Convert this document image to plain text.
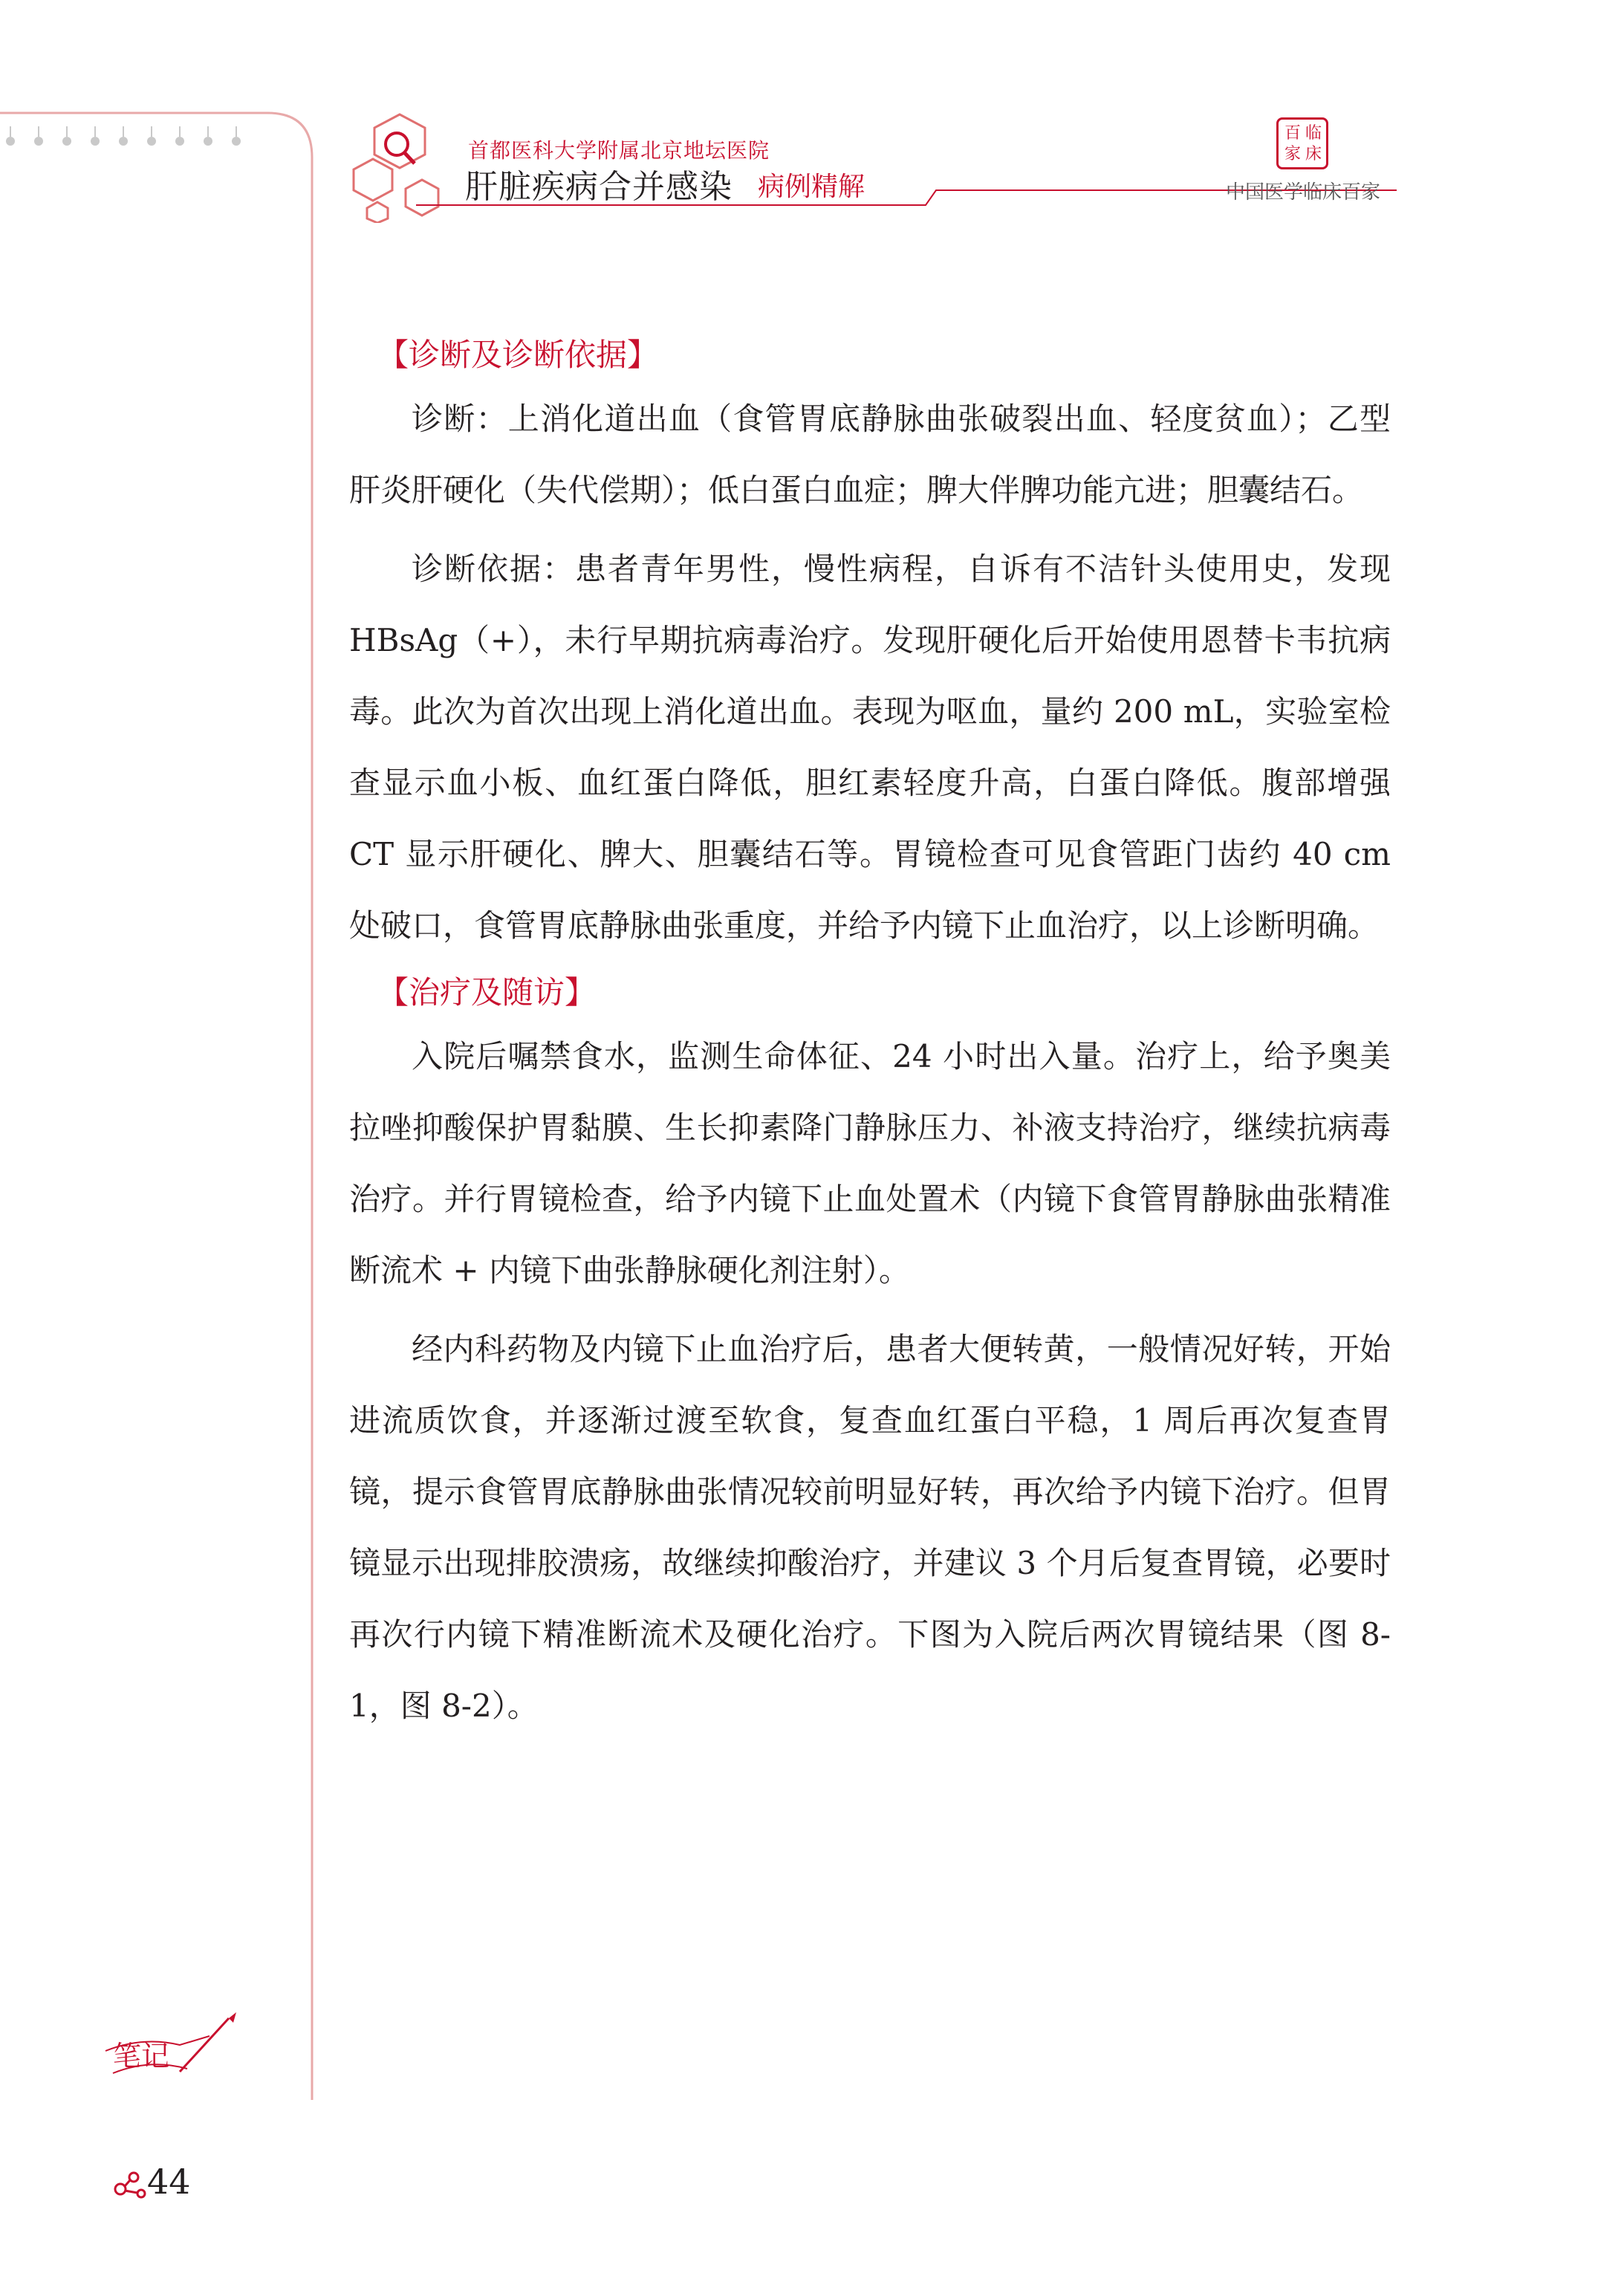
首都医科大学附属北京地坛医院
肝脏疾病合并感染 病例精解	中国医学临床百家
百 临
家 床
【诊断及诊断依据】

诊断：上消化道出血（食管胃底静脉曲张破裂出血、轻度贫血）；乙型肝炎肝硬化（失代偿期）；低白蛋白血症；脾大伴脾功能亢进；胆囊结石。

诊断依据：患者青年男性，慢性病程，自诉有不洁针头使用史，发现 HBsAg（+），未行早期抗病毒治疗。发现肝硬化后开始使用恩替卡韦抗病毒。此次为首次出现上消化道出血。表现为呕血，量约 200 mL，实验室检查显示血小板、血红蛋白降低，胆红素轻度升高，白蛋白降低。腹部增强 CT 显示肝硬化、脾大、胆囊结石等。胃镜检查可见食管距门齿约 40 cm 处破口，食管胃底静脉曲张重度，并给予内镜下止血治疗，以上诊断明确。

【治疗及随访】

入院后嘱禁食水，监测生命体征、24 小时出入量。治疗上，给予奥美拉唑抑酸保护胃黏膜、生长抑素降门静脉压力、补液支持治疗，继续抗病毒治疗。并行胃镜检查，给予内镜下止血处置术（内镜下食管胃静脉曲张精准断流术 + 内镜下曲张静脉硬化剂注射）。

经内科药物及内镜下止血治疗后，患者大便转黄，一般情况好转，开始进流质饮食，并逐渐过渡至软食，复查血红蛋白平稳，1 周后再次复查胃镜，提示食管胃底静脉曲张情况较前明显好转，再次给予内镜下治疗。但胃镜显示出现排胶溃疡，故继续抑酸治疗，并建议 3 个月后复查胃镜，必要时再次行内镜下精准断流术及硬化治疗。下图为入院后两次胃镜结果（图 8-1，图 8-2）。

笔记
44
